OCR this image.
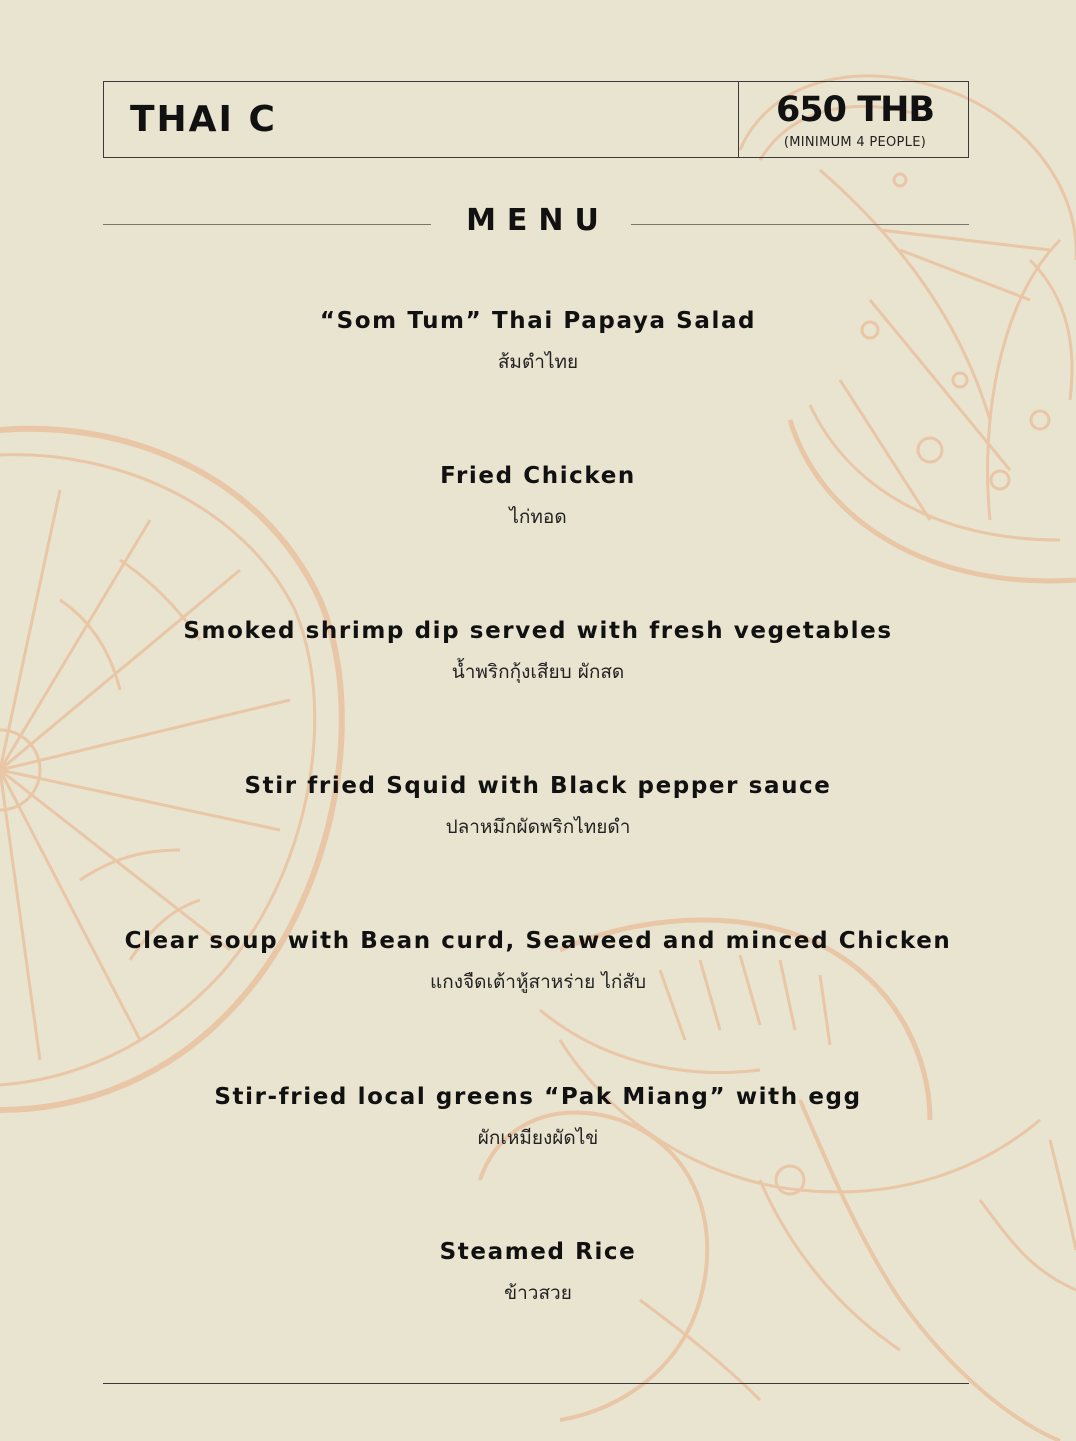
THAI C	650 THB
(MINIMUM 4 PEOPLE)
MENU
“Som Tum” Thai Papaya Salad
ส้มตำไทย
Fried Chicken
ไก่ทอด
Smoked shrimp dip served with fresh vegetables
น้ำพริกกุ้งเสียบ ผักสด
Stir fried Squid with Black pepper sauce
ปลาหมึกผัดพริกไทยดำ
Clear soup with Bean curd, Seaweed and minced Chicken
แกงจืดเต้าหู้สาหร่าย ไก่สับ
Stir-fried local greens “Pak Miang” with egg
ผักเหมียงผัดไข่
Steamed Rice
ข้าวสวย
